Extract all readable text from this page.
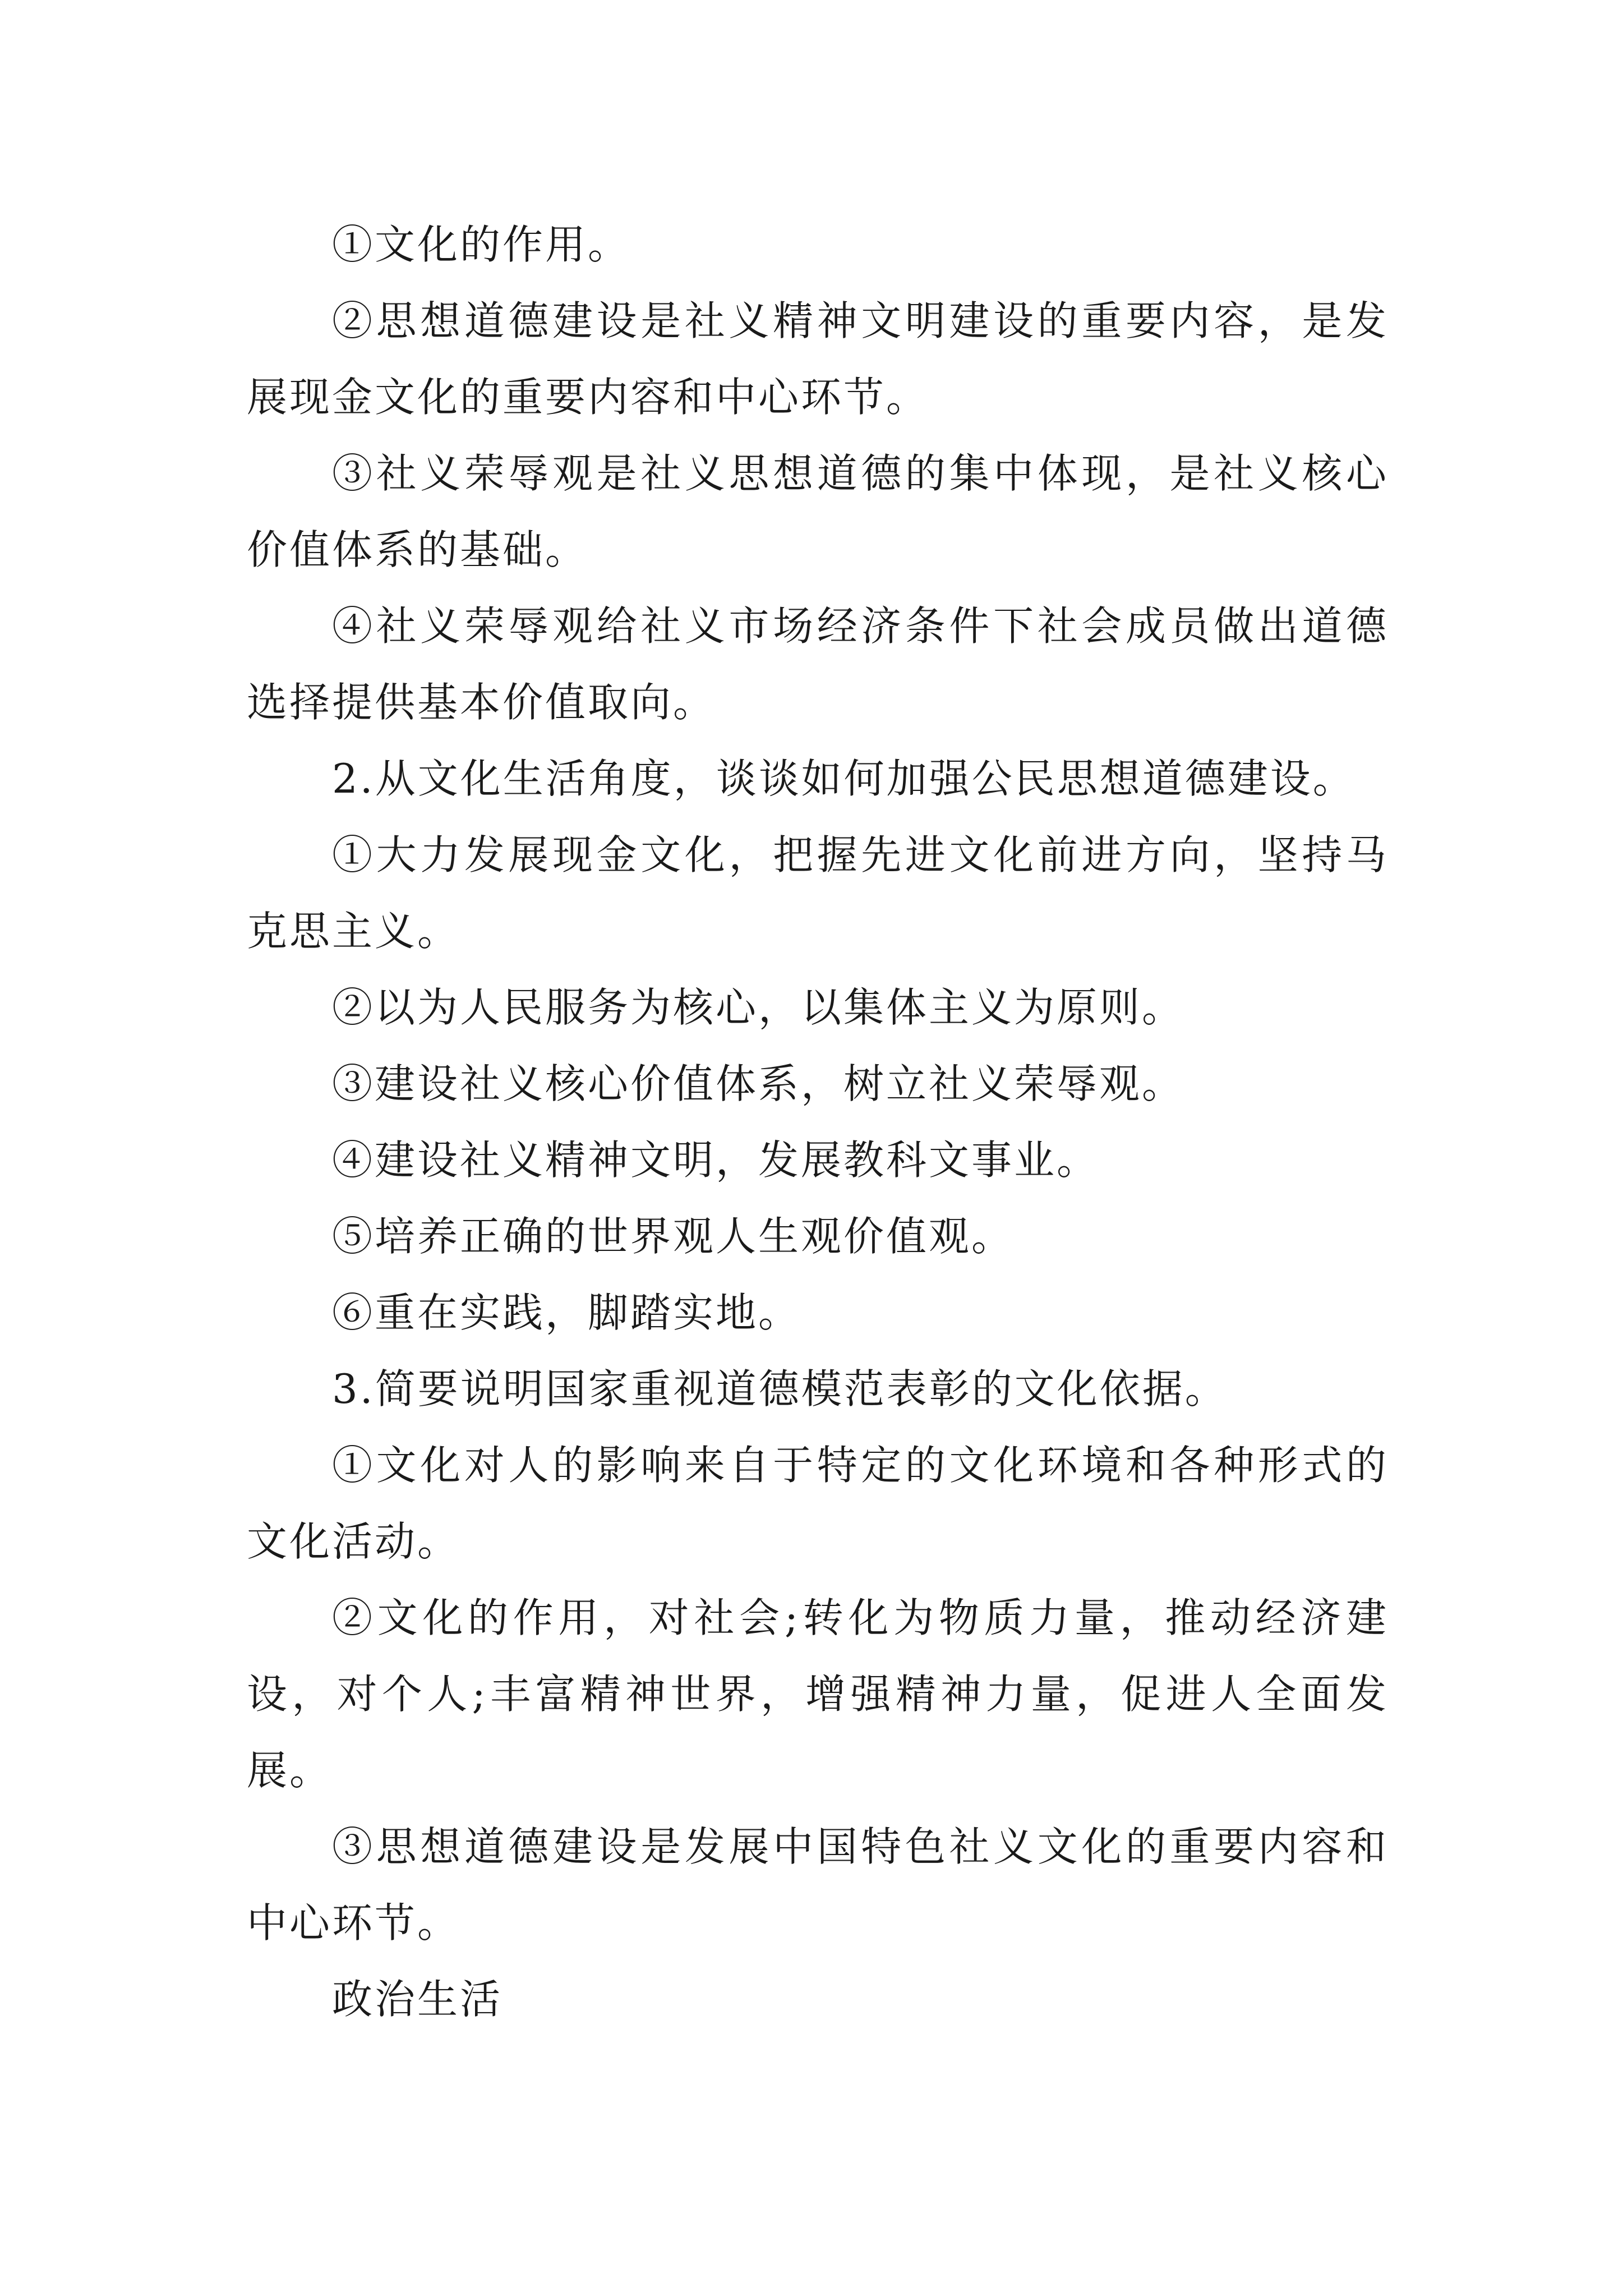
①文化的作用。

②思想道德建设是社义精神文明建设的重要内容，是发展现金文化的重要内容和中心环节。

③社义荣辱观是社义思想道德的集中体现，是社义核心价值体系的基础。

④社义荣辱观给社义市场经济条件下社会成员做出道德选择提供基本价值取向。

2.从文化生活角度，谈谈如何加强公民思想道德建设。

①大力发展现金文化，把握先进文化前进方向，坚持马克思主义。

②以为人民服务为核心，以集体主义为原则。

③建设社义核心价值体系，树立社义荣辱观。

④建设社义精神文明，发展教科文事业。

⑤培养正确的世界观人生观价值观。

⑥重在实践，脚踏实地。

3.简要说明国家重视道德模范表彰的文化依据。

①文化对人的影响来自于特定的文化环境和各种形式的文化活动。

②文化的作用，对社会;转化为物质力量，推动经济建设，对个人;丰富精神世界，增强精神力量，促进人全面发展。

③思想道德建设是发展中国特色社义文化的重要内容和中心环节。

政治生活
